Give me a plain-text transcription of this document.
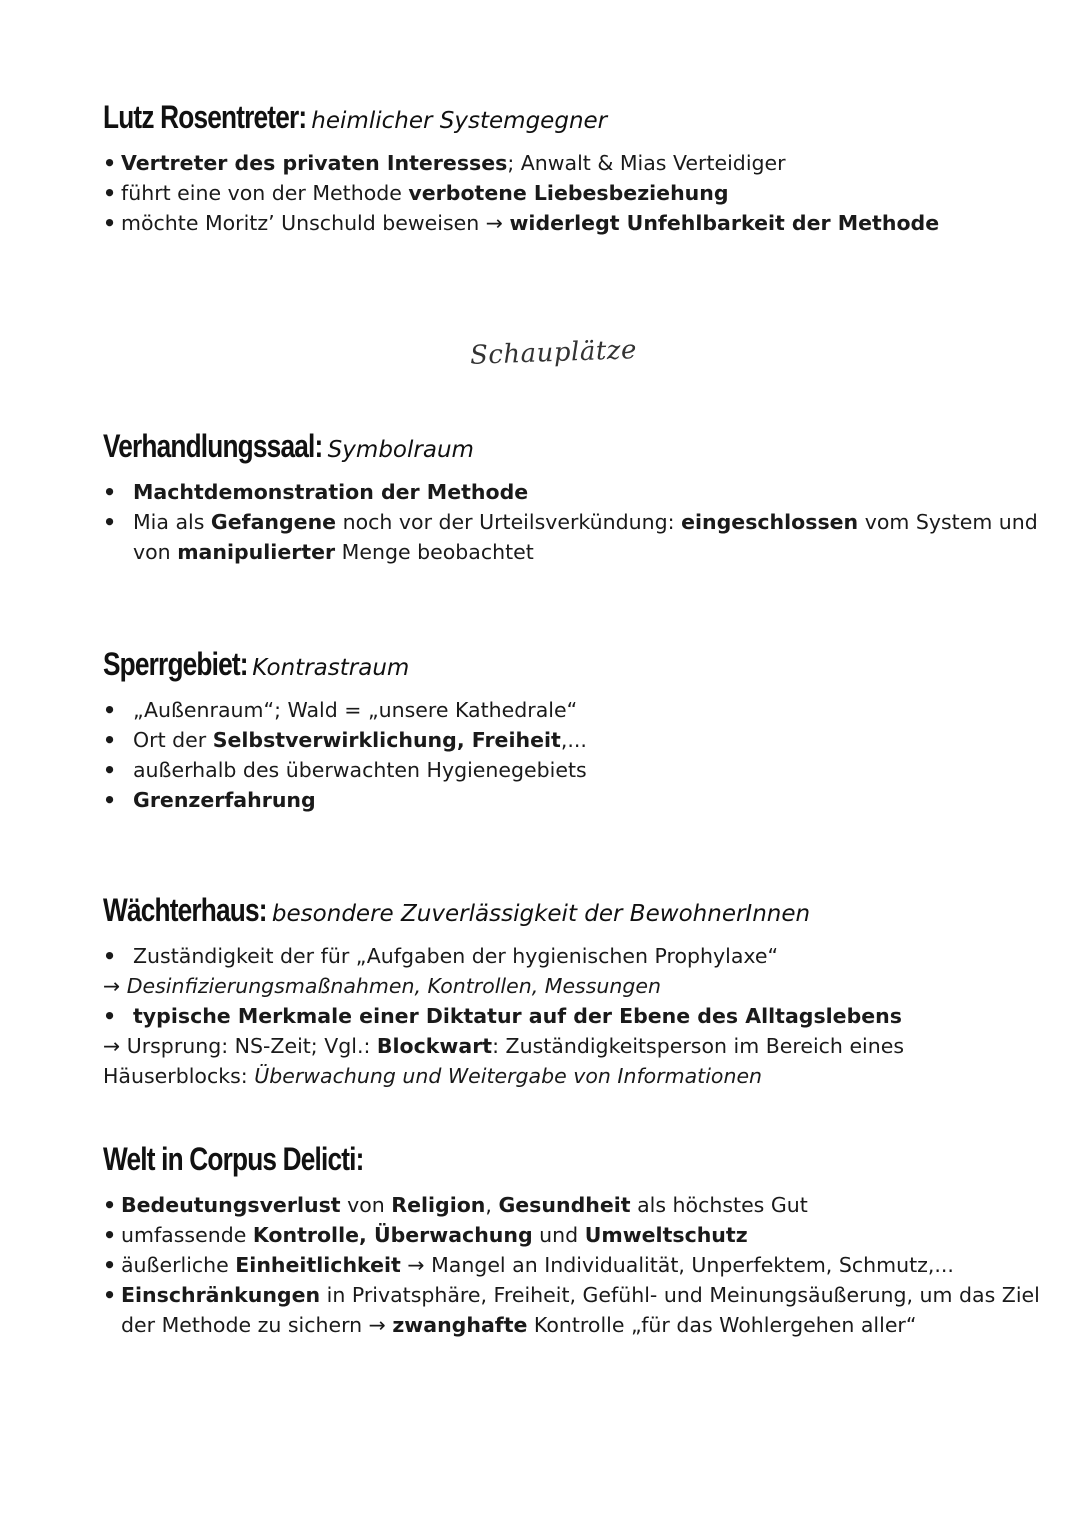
Lutz Rosentreter: heimlicher Systemgegner
• Vertreter des privaten Interesses; Anwalt & Mias Verteidiger
• führt eine von der Methode verbotene Liebesbeziehung
• möchte Moritz’ Unschuld beweisen → widerlegt Unfehlbarkeit der Methode
Schauplätze
Verhandlungssaal: Symbolraum
• Machtdemonstration der Methode
• Mia als Gefangene noch vor der Urteilsverkündung: eingeschlossen vom System und
von manipulierter Menge beobachtet
Sperrgebiet: Kontrastraum
• „Außenraum“; Wald = „unsere Kathedrale“
• Ort der Selbstverwirklichung, Freiheit,...
• außerhalb des überwachten Hygienegebiets
• Grenzerfahrung
Wächterhaus: besondere Zuverlässigkeit der BewohnerInnen
• Zuständigkeit der für „Aufgaben der hygienischen Prophylaxe“
→ Desinfizierungsmaßnahmen, Kontrollen, Messungen
• typische Merkmale einer Diktatur auf der Ebene des Alltagslebens
→ Ursprung: NS-Zeit; Vgl.: Blockwart: Zuständigkeitsperson im Bereich eines
Häuserblocks: Überwachung und Weitergabe von Informationen
Welt in Corpus Delicti:
• Bedeutungsverlust von Religion, Gesundheit als höchstes Gut
• umfassende Kontrolle, Überwachung und Umweltschutz
• äußerliche Einheitlichkeit → Mangel an Individualität, Unperfektem, Schmutz,...
• Einschränkungen in Privatsphäre, Freiheit, Gefühl- und Meinungsäußerung, um das Ziel
der Methode zu sichern → zwanghafte Kontrolle „für das Wohlergehen aller“
